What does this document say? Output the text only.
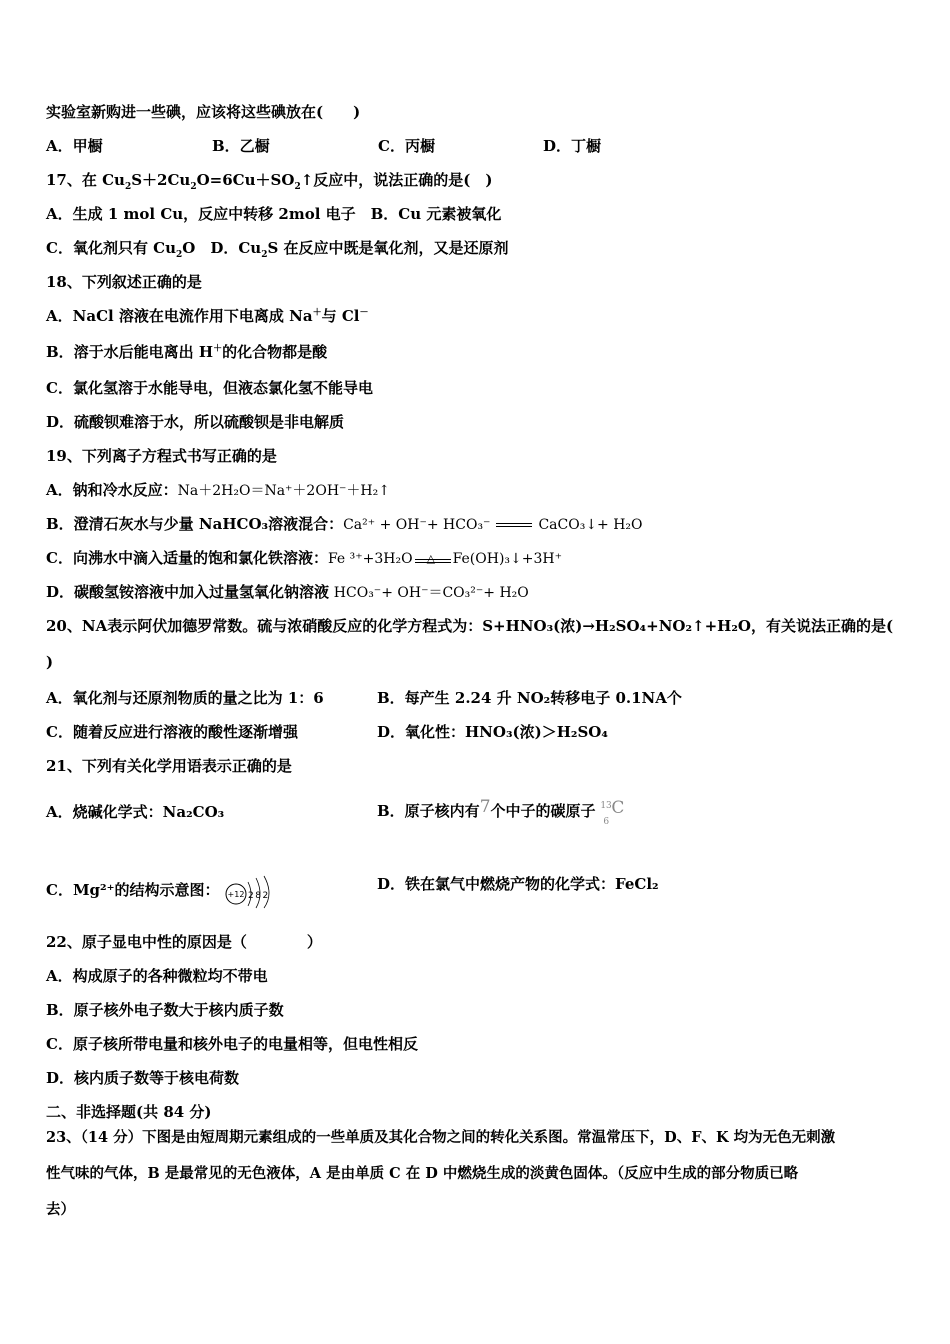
实验室新购进一些碘，应该将这些碘放在(　　)
A．甲橱	B．乙橱	C．丙橱	D．丁橱
17、在 $Cu_2S+2Cu_2O=6Cu+SO_2↑$反应中，说法正确的是(　)
A．生成 1 mol Cu，反应中转移 2mol 电子　B．Cu 元素被氧化
C．氧化剂只有 $Cu_2O$　D．$Cu_2S$ 在反应中既是氧化剂，又是还原剂
18、下列叙述正确的是
A．NaCl 溶液在电流作用下电离成 Na＋与 Cl－
B．溶于水后能电离出 H＋的化合物都是酸
C．氯化氢溶于水能导电，但液态氯化氢不能导电
D．硫酸钡难溶于水，所以硫酸钡是非电解质
19、下列离子方程式书写正确的是
A．钠和冷水反应：Na＋2H₂O＝Na⁺＋2OH⁻＋H₂↑
B．澄清石灰水与少量 NaHCO₃溶液混合：Ca²⁺ + OH⁻+ HCO₃⁻	CaCO₃↓+ H₂O
C．向沸水中滴入适量的饱和氯化铁溶液：Fe ³⁺+3H₂O △ Fe(OH)₃↓+3H⁺
D．碳酸氢铵溶液中加入过量氢氧化钠溶液 HCO₃⁻+ OH⁻＝CO₃²⁻+ H₂O
20、NA表示阿伏加德罗常数。硫与浓硝酸反应的化学方程式为：S+HNO₃(浓)→H₂SO₄+NO₂↑+H₂O，有关说法正确的是(
)
A．氧化剂与还原剂物质的量之比为 1：6	B．每产生 2.24 升 NO₂转移电子 0.1NA个
C．随着反应进行溶液的酸性逐渐增强	D．氧化性：HNO₃(浓)＞H₂SO₄
21、下列有关化学用语表示正确的是
A．烧碱化学式：Na₂CO₃	B．原子核内有7个中子的碳原子 13
6
C
C．Mg²⁺的结构示意图： +12 282
D．铁在氯气中燃烧产物的化学式：FeCl₂
22、原子显电中性的原因是（　　　　）
A．构成原子的各种微粒均不带电
B．原子核外电子数大于核内质子数
C．原子核所带电量和核外电子的电量相等，但电性相反
D．核内质子数等于核电荷数
二、非选择题(共 84 分)
23、（14 分）下图是由短周期元素组成的一些单质及其化合物之间的转化关系图。常温常压下，D、F、K 均为无色无刺激
性气味的气体，B 是最常见的无色液体，A 是由单质 C 在 D 中燃烧生成的淡黄色固体。（反应中生成的部分物质已略
去）
